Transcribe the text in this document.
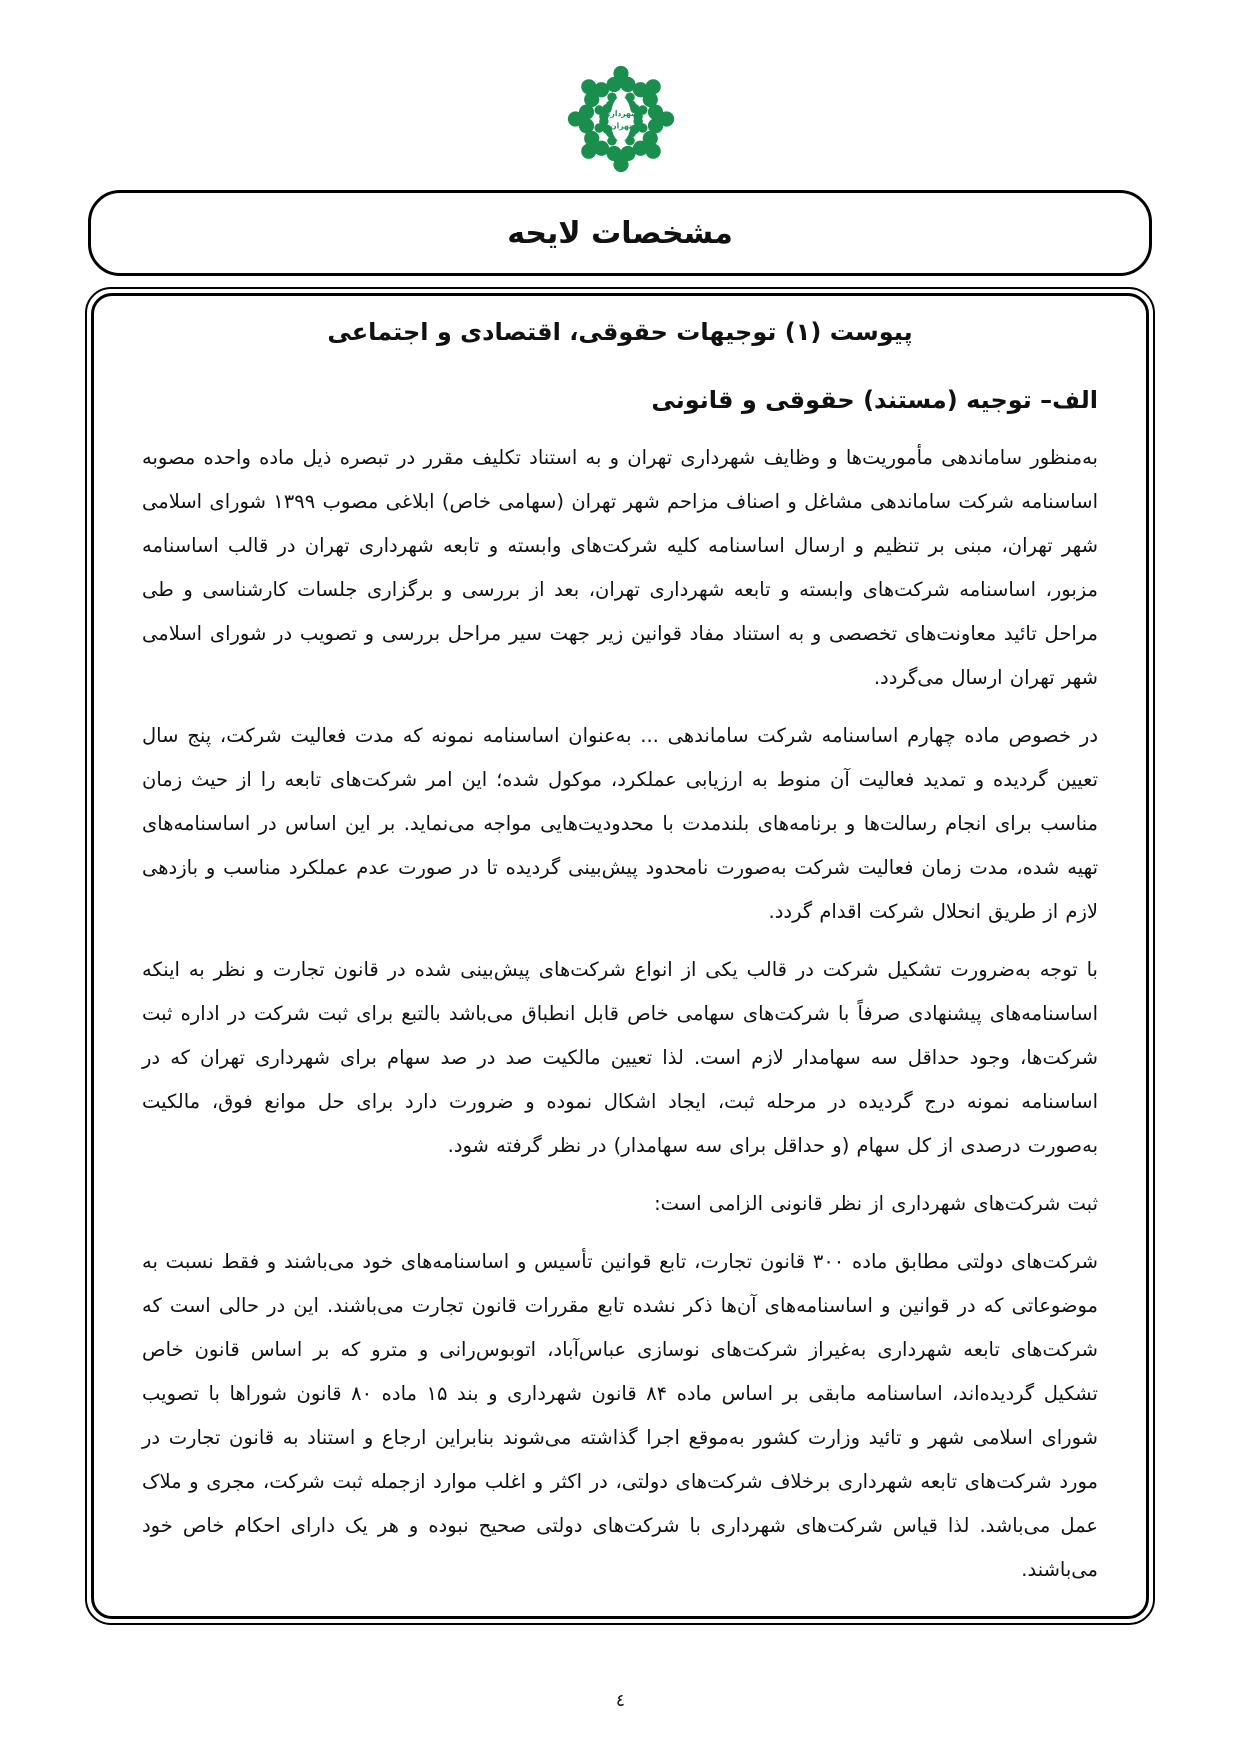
شهرداری
تهران
مشخصات لایحه
پیوست (۱) توجیهات حقوقی، اقتصادی و اجتماعی
الف– توجیه (مستند) حقوقی و قانونی

به‌منظور ساماندهی مأموریت‌ها و وظایف شهرداری تهران و به استناد تکلیف مقرر در تبصره ذیل ماده واحده مصوبه اساسنامه شرکت ساماندهی مشاغل و اصناف مزاحم شهر تهران (سهامی خاص) ابلاغی مصوب ۱۳۹۹ شورای اسلامی شهر تهران، مبنی بر تنظیم و ارسال اساسنامه کلیه شرکت‌های وابسته و تابعه شهرداری تهران در قالب اساسنامه مزبور، اساسنامه شرکت‌های وابسته و تابعه شهرداری تهران، بعد از بررسی و برگزاری جلسات کارشناسی و طی مراحل تائید معاونت‌های تخصصی و به استناد مفاد قوانین زیر جهت سیر مراحل بررسی و تصویب در شورای اسلامی شهر تهران ارسال می‌گردد.

در خصوص ماده چهارم اساسنامه شرکت ساماندهی ... به‌عنوان اساسنامه نمونه که مدت فعالیت شرکت، پنج سال تعیین گردیده و تمدید فعالیت آن منوط به ارزیابی عملکرد، موکول شده؛ این امر شرکت‌های تابعه را از حیث زمان مناسب برای انجام رسالت‌ها و برنامه‌های بلندمدت با محدودیت‌هایی مواجه می‌نماید. بر این اساس در اساسنامه‌های تهیه شده، مدت زمان فعالیت شرکت به‌صورت نامحدود پیش‌بینی گردیده تا در صورت عدم عملکرد مناسب و بازدهی لازم از طریق انحلال شرکت اقدام گردد.

با توجه به‌ضرورت تشکیل شرکت در قالب یکی از انواع شرکت‌های پیش‌بینی شده در قانون تجارت و نظر به اینکه اساسنامه‌های پیشنهادی صرفاً با شرکت‌های سهامی خاص قابل انطباق می‌باشد بالتبع برای ثبت شرکت در اداره ثبت شرکت‌ها، وجود حداقل سه سهامدار لازم است. لذا تعیین مالکیت صد در صد سهام برای شهرداری تهران که در اساسنامه نمونه درج گردیده در مرحله ثبت، ایجاد اشکال نموده و ضرورت دارد برای حل موانع فوق، مالکیت به‌صورت درصدی از کل سهام (و حداقل برای سه سهامدار) در نظر گرفته شود.

ثبت شرکت‌های شهرداری از نظر قانونی الزامی است:

شرکت‌های دولتی مطابق ماده ۳۰۰ قانون تجارت، تابع قوانین تأسیس و اساسنامه‌های خود می‌باشند و فقط نسبت به موضوعاتی که در قوانین و اساسنامه‌های آن‌ها ذکر نشده تابع مقررات قانون تجارت می‌باشند. این در حالی است که شرکت‌های تابعه شهرداری به‌غیراز شرکت‌های نوسازی عباس‌آباد، اتوبوس‌رانی و مترو که بر اساس قانون خاص تشکیل گردیده‌اند، اساسنامه مابقی بر اساس ماده ۸۴ قانون شهرداری و بند ۱۵ ماده ۸۰ قانون شوراها با تصویب شورای اسلامی شهر و تائید وزارت کشور به‌موقع اجرا گذاشته می‌شوند بنابراین ارجاع و استناد به قانون تجارت در مورد شرکت‌های تابعه شهرداری برخلاف شرکت‌های دولتی، در اکثر و اغلب موارد ازجمله ثبت شرکت، مجری و ملاک عمل می‌باشد. لذا قیاس شرکت‌های شهرداری با شرکت‌های دولتی صحیح نبوده و هر یک دارای احکام خاص خود می‌باشند.

٤
